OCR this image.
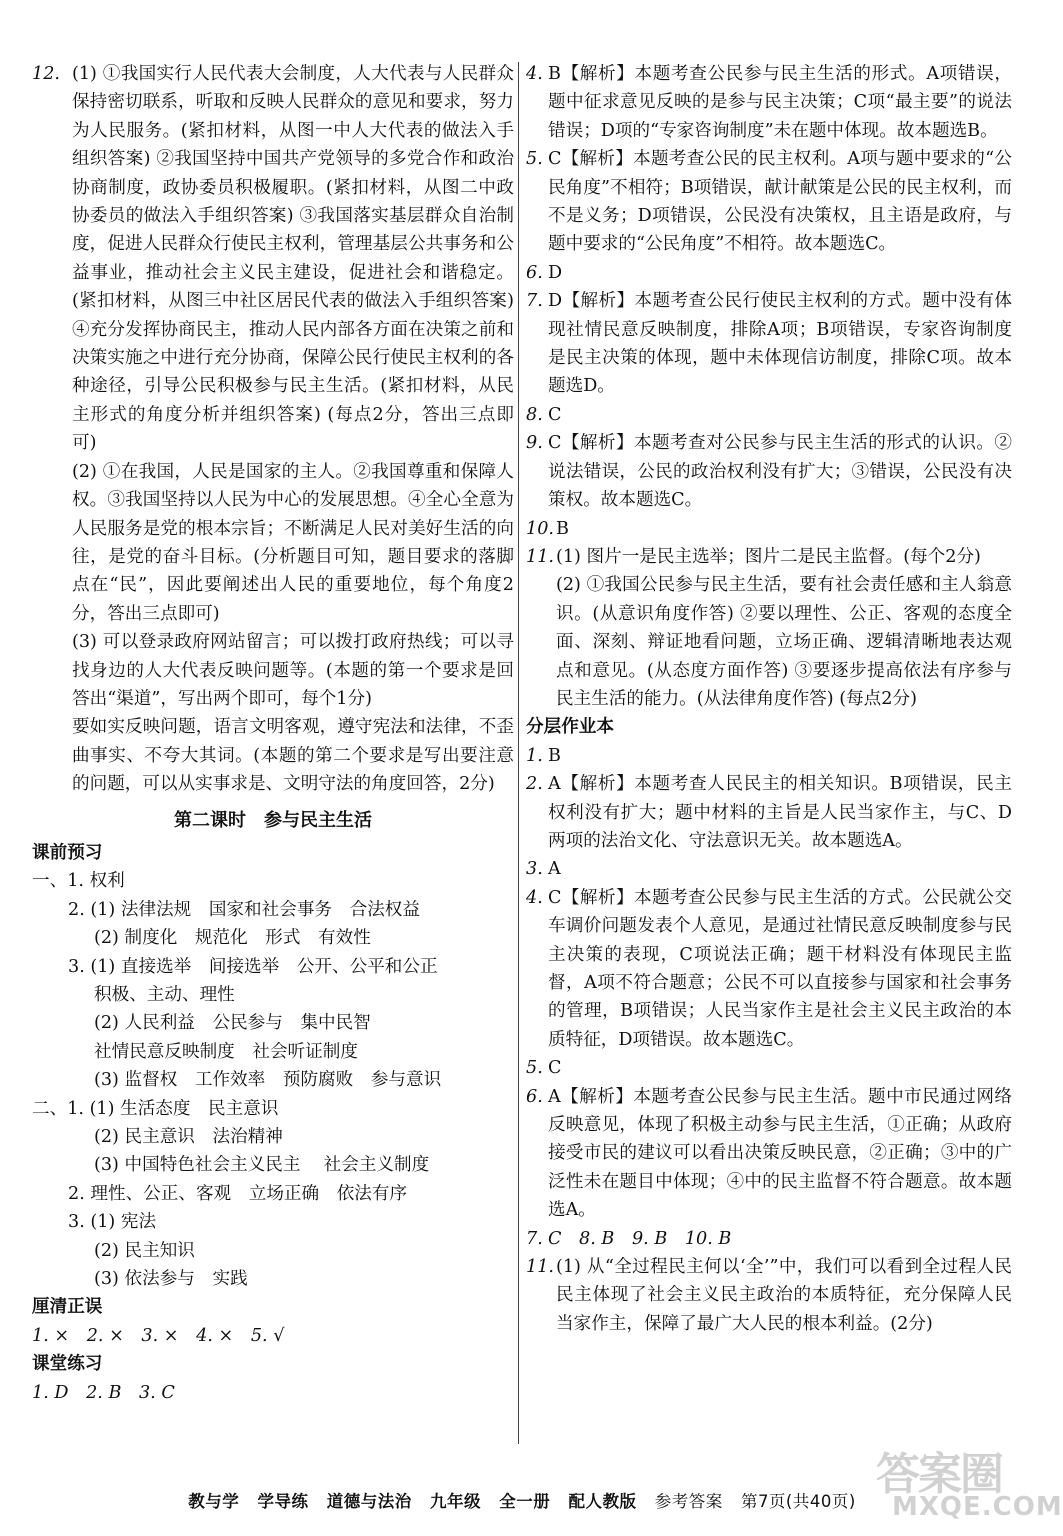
12. (1) ①我国实行人民代表大会制度，人大代表与人民群众保持密切联系，听取和反映人民群众的意见和要求，努力为人民服务。(紧扣材料，从图一中人大代表的做法入手组织答案) ②我国坚持中国共产党领导的多党合作和政治协商制度，政协委员积极履职。(紧扣材料，从图二中政协委员的做法入手组织答案) ③我国落实基层群众自治制度，促进人民群众行使民主权利，管理基层公共事务和公益事业，推动社会主义民主建设，促进社会和谐稳定。(紧扣材料，从图三中社区居民代表的做法入手组织答案) ④充分发挥协商民主，推动人民内部各方面在决策之前和决策实施之中进行充分协商，保障公民行使民主权利的各种途径，引导公民积极参与民主生活。(紧扣材料，从民主形式的角度分析并组织答案) (每点2分，答出三点即可)
(2) ①在我国，人民是国家的主人。②我国尊重和保障人权。③我国坚持以人民为中心的发展思想。④全心全意为人民服务是党的根本宗旨；不断满足人民对美好生活的向往，是党的奋斗目标。(分析题目可知，题目要求的落脚点在“民”，因此要阐述出人民的重要地位，每个角度2分，答出三点即可)
(3) 可以登录政府网站留言；可以拨打政府热线；可以寻找身边的人大代表反映问题等。(本题的第一个要求是回答出“渠道”，写出两个即可，每个1分)
要如实反映问题，语言文明客观，遵守宪法和法律，不歪曲事实、不夸大其词。(本题的第二个要求是写出要注意的问题，可以从实事求是、文明守法的角度回答，2分)
第二课时　参与民主生活
课前预习
一、1. 权利
2. (1) 法律法规　国家和社会事务　合法权益
(2) 制度化　规范化　形式　有效性
3. (1) 直接选举　间接选举　公开、公平和公正
积极、主动、理性
(2) 人民利益　公民参与　集中民智
社情民意反映制度　社会听证制度
(3) 监督权　工作效率　预防腐败　参与意识
二、1. (1) 生活态度　民主意识
(2) 民主意识　法治精神
(3) 中国特色社会主义民主　 社会主义制度
2. 理性、公正、客观　立场正确　依法有序
3. (1) 宪法
(2) 民主知识
(3) 依法参与　实践
厘清正误
1. ×　2. ×　3. ×　4. ×　5. √
课堂练习
1. D　2. B　3. C
4. B【解析】本题考查公民参与民主生活的形式。A项错误，题中征求意见反映的是参与民主决策；C项“最主要”的说法错误；D项的“专家咨询制度”未在题中体现。故本题选B。
5. C【解析】本题考查公民的民主权利。A项与题中要求的“公民角度”不相符；B项错误，献计献策是公民的民主权利，而不是义务；D项错误，公民没有决策权，且主语是政府，与题中要求的“公民角度”不相符。故本题选C。
6. D
7. D【解析】本题考查公民行使民主权利的方式。题中没有体现社情民意反映制度，排除A项；B项错误，专家咨询制度是民主决策的体现，题中未体现信访制度，排除C项。故本题选D。
8. C
9. C【解析】本题考查对公民参与民主生活的形式的认识。②说法错误，公民的政治权利没有扩大；③错误，公民没有决策权。故本题选C。
10. B
11. (1) 图片一是民主选举；图片二是民主监督。(每个2分)
(2) ①我国公民参与民主生活，要有社会责任感和主人翁意识。(从意识角度作答) ②要以理性、公正、客观的态度全面、深刻、辩证地看问题，立场正确、逻辑清晰地表达观点和意见。(从态度方面作答) ③要逐步提高依法有序参与民主生活的能力。(从法律角度作答) (每点2分)
分层作业本
1. B
2. A【解析】本题考查人民民主的相关知识。B项错误，民主权利没有扩大；题中材料的主旨是人民当家作主，与C、D两项的法治文化、守法意识无关。故本题选A。
3. A
4. C【解析】本题考查公民参与民主生活的方式。公民就公交车调价问题发表个人意见，是通过社情民意反映制度参与民主决策的表现，C项说法正确；题干材料没有体现民主监督，A项不符合题意；公民不可以直接参与国家和社会事务的管理，B项错误；人民当家作主是社会主义民主政治的本质特征，D项错误。故本题选C。
5. C
6. A【解析】本题考查公民参与民主生活。题中市民通过网络反映意见，体现了积极主动参与民主生活，①正确；从政府接受市民的建议可以看出决策反映民意，②正确；③中的广泛性未在题目中体现；④中的民主监督不符合题意。故本题选A。
7. C　8. B　9. B　10. B
11. (1) 从“全过程民主何以‘全’”中，我们可以看到全过程人民民主体现了社会主义民主政治的本质特征，充分保障人民当家作主，保障了最广大人民的根本利益。(2分)
教与学 学导练 道德与法治 九年级 全一册 配人教版 参考答案 第7页(共40页)
答案圈
MXQE.COM
